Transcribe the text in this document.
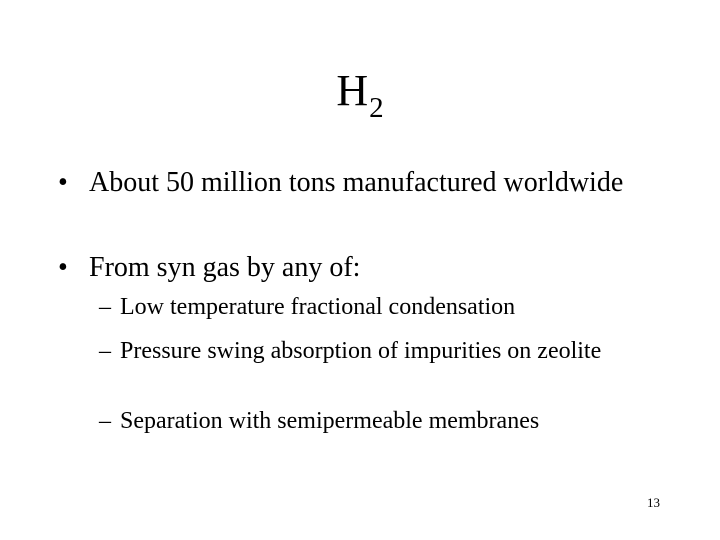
$H_2$
• About 50 million tons manufactured worldwide
• From syn gas by any of:
– Low temperature fractional condensation
– Pressure swing absorption of impurities on zeolite
– Separation with semipermeable membranes
13
